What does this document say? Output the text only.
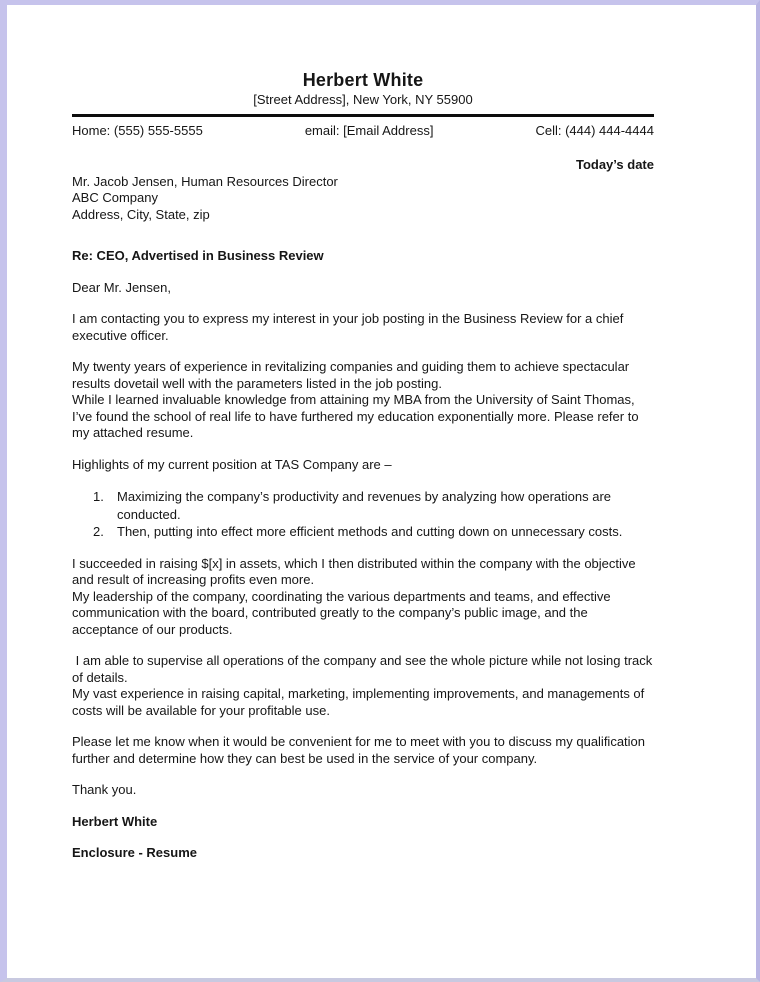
Herbert White
[Street Address], New York, NY 55900
Home: (555) 555-5555	email: [Email Address]	Cell: (444) 444-4444
Today’s date
Mr. Jacob Jensen, Human Resources Director
ABC Company
Address, City, State, zip
Re: CEO, Advertised in Business Review
Dear Mr. Jensen,
I am contacting you to express my interest in your job posting in the Business Review for a chief executive officer.
My twenty years of experience in revitalizing companies and guiding them to achieve spectacular results dovetail well with the parameters listed in the job posting.
While I learned invaluable knowledge from attaining my MBA from the University of Saint Thomas, I’ve found the school of real life to have furthered my education exponentially more. Please refer to my attached resume.
Highlights of my current position at TAS Company are –
1.	Maximizing the company’s productivity and revenues by analyzing how operations are conducted.
2.	Then, putting into effect more efficient methods and cutting down on unnecessary costs.
I succeeded in raising $[x] in assets, which I then distributed within the company with the objective and result of increasing profits even more.
My leadership of the company, coordinating the various departments and teams, and effective communication with the board, contributed greatly to the company’s public image, and the acceptance of our products.
I am able to supervise all operations of the company and see the whole picture while not losing track of details.
My vast experience in raising capital, marketing, implementing improvements, and managements of costs will be available for your profitable use.
Please let me know when it would be convenient for me to meet with you to discuss my qualification further and determine how they can best be used in the service of your company.
Thank you.
Herbert White
Enclosure - Resume
